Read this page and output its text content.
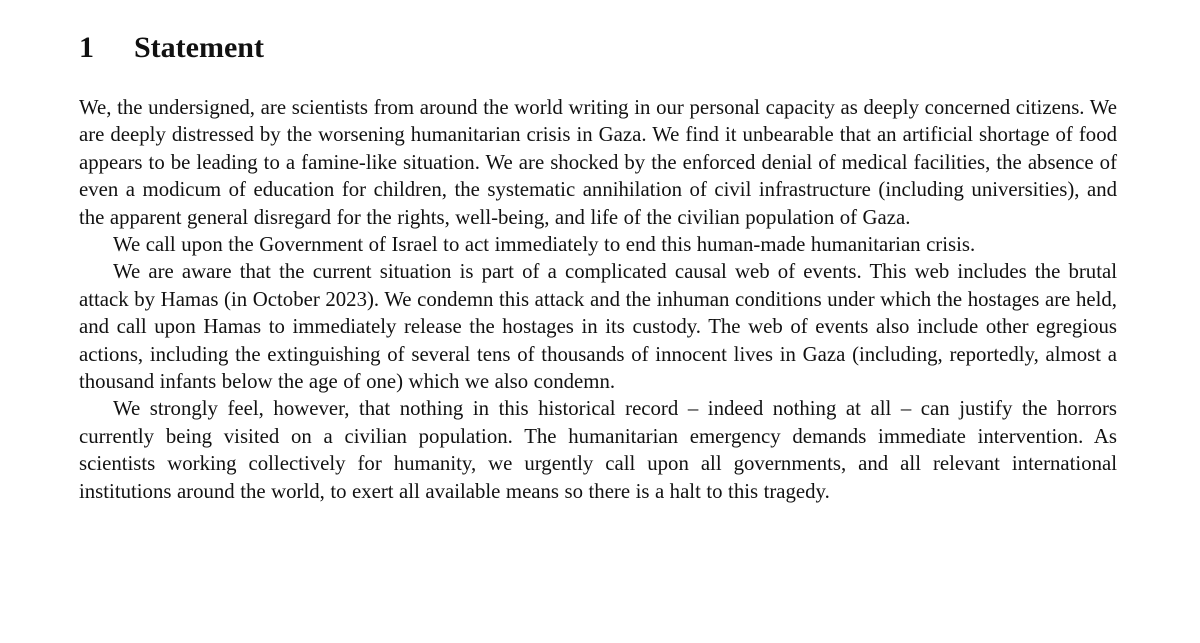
1	Statement

We, the undersigned, are scientists from around the world writing in our personal capacity as deeply concerned citizens. We are deeply distressed by the worsening humanitarian crisis in Gaza. We find it unbearable that an artificial shortage of food appears to be leading to a famine-like situation. We are shocked by the enforced denial of medical facilities, the absence of even a modicum of education for children, the systematic annihilation of civil infrastructure (including universities), and the apparent general disregard for the rights, well-being, and life of the civilian population of Gaza.

We call upon the Government of Israel to act immediately to end this human-made humanitarian crisis.

We are aware that the current situation is part of a complicated causal web of events. This web includes the brutal attack by Hamas (in October 2023). We condemn this attack and the inhuman conditions under which the hostages are held, and call upon Hamas to immediately release the hostages in its custody. The web of events also include other egregious actions, including the extinguishing of several tens of thousands of innocent lives in Gaza (including, reportedly, almost a thousand infants below the age of one) which we also condemn.

We strongly feel, however, that nothing in this historical record – indeed nothing at all – can justify the horrors currently being visited on a civilian population. The humanitarian emergency demands immediate intervention. As scientists working collectively for humanity, we urgently call upon all governments, and all relevant international institutions around the world, to exert all available means so there is a halt to this tragedy.
